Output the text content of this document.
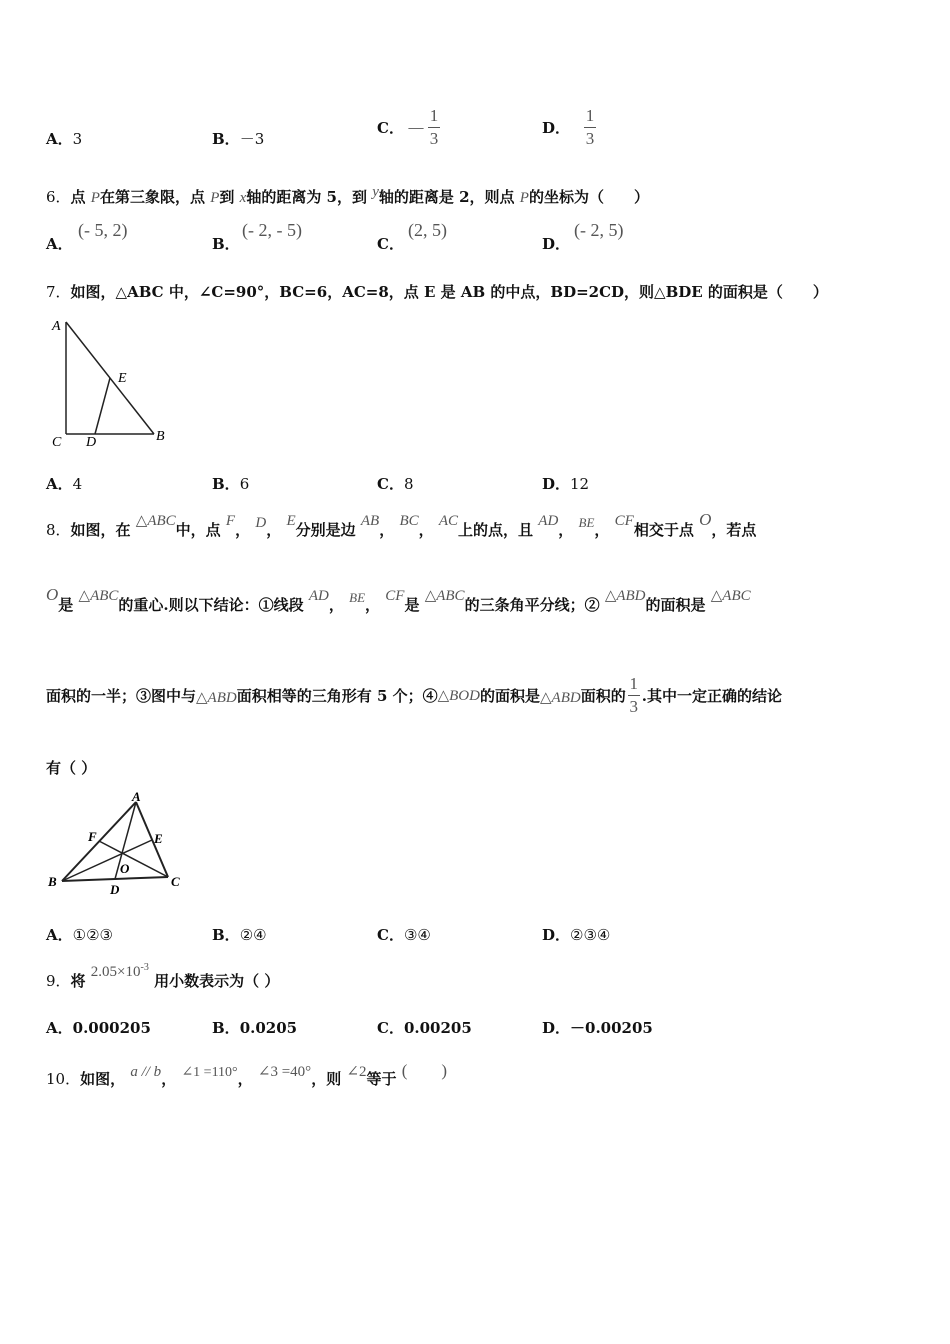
A．3	B．－3
C． － $\frac{1}{3}$	D． $\frac{1}{3}$
6．点 P在第三象限，点 P到 x轴的距离为 5，到 y轴的距离是 2，则点 P的坐标为（　　）
A．
(- 5, 2)
B．
(- 2, - 5)
C．
(2, 5)
D．
(- 2, 5)
7．如图，△ABC 中，∠C=90°，BC=6，AC=8，点 E 是 AB 的中点，BD=2CD，则△BDE 的面积是（　　）
A
E
C D	B
A．4	B．6	C．8	D．12
8．如图，在 △ABC中，点 F， D， E分别是边 AB， BC， AC上的点，且 AD， BE， CF相交于点 O，若点
O是 △ABC的重心.则以下结论：①线段 AD， BE， CF是 △ABC的三条角平分线；② △ABD的面积是 △ABC
面积的一半；③图中与 △ABD 面积相等的三角形有 5 个；④ △BOD 的面积是 △ABD 面积的 $\frac{1}{3}$ .其中一定正确的结论
有（ ）
A
F	E
O
B
D
C
A．①②③	B．②④	C．③④	D．②③④
9．将 $2.05\times 10^{-3}$ 用小数表示为（ ）
A．0.000205	B．0.0205	C．0.00205	D．－0.00205
10．如图， a // b， ∠1 =110°， ∠3 =40°，则 ∠2等于 (　　)
